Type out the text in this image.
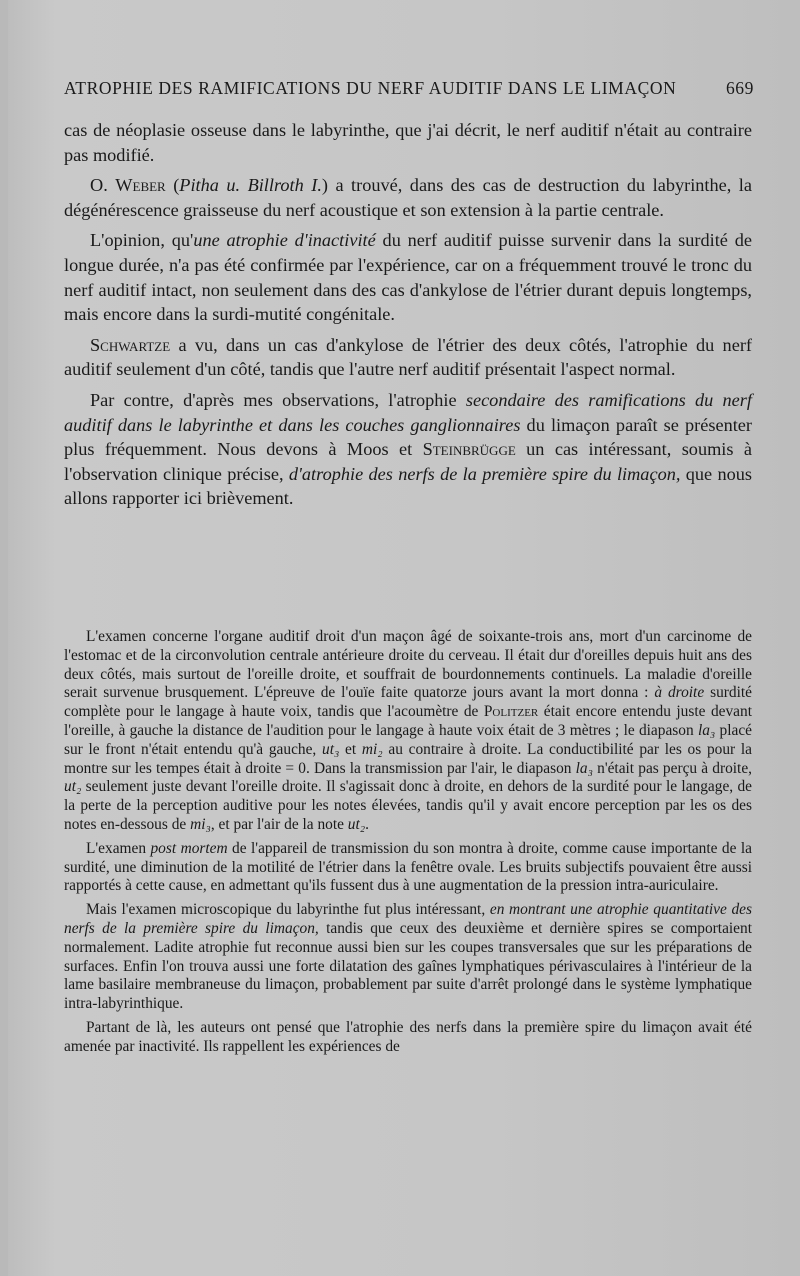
ATROPHIE DES RAMIFICATIONS DU NERF AUDITIF DANS LE LIMAÇON	669

cas de néoplasie osseuse dans le labyrinthe, que j'ai décrit, le nerf auditif n'était au contraire pas modifié.

O. Weber (Pitha u. Billroth I.) a trouvé, dans des cas de destruction du labyrinthe, la dégénérescence graisseuse du nerf acoustique et son extension à la partie centrale.

L'opinion, qu'une atrophie d'inactivité du nerf auditif puisse survenir dans la surdité de longue durée, n'a pas été confirmée par l'expérience, car on a fréquemment trouvé le tronc du nerf auditif intact, non seulement dans des cas d'ankylose de l'étrier durant depuis longtemps, mais encore dans la surdi-mutité congénitale.

Schwartze a vu, dans un cas d'ankylose de l'étrier des deux côtés, l'atrophie du nerf auditif seulement d'un côté, tandis que l'autre nerf auditif présentait l'aspect normal.

Par contre, d'après mes observations, l'atrophie secondaire des ramifications du nerf auditif dans le labyrinthe et dans les couches ganglionnaires du limaçon paraît se présenter plus fréquemment. Nous devons à Moos et Steinbrügge un cas intéressant, soumis à l'observation clinique précise, d'atrophie des nerfs de la première spire du limaçon, que nous allons rapporter ici brièvement.

L'examen concerne l'organe auditif droit d'un maçon âgé de soixante-trois ans, mort d'un carcinome de l'estomac et de la circonvolution centrale antérieure droite du cerveau. Il était dur d'oreilles depuis huit ans des deux côtés, mais surtout de l'oreille droite, et souffrait de bourdonnements continuels. La maladie d'oreille serait survenue brusquement. L'épreuve de l'ouïe faite quatorze jours avant la mort donna : à droite surdité complète pour le langage à haute voix, tandis que l'acoumètre de Politzer était encore entendu juste devant l'oreille, à gauche la distance de l'audition pour le langage à haute voix était de 3 mètres ; le diapason la₃ placé sur le front n'était entendu qu'à gauche, ut₃ et mi₂ au contraire à droite. La conductibilité par les os pour la montre sur les tempes était à droite = 0. Dans la transmission par l'air, le diapason la₃ n'était pas perçu à droite, ut₂ seulement juste devant l'oreille droite. Il s'agissait donc à droite, en dehors de la surdité pour le langage, de la perte de la perception auditive pour les notes élevées, tandis qu'il y avait encore perception par les os des notes en-dessous de mi₃, et par l'air de la note ut₂.

L'examen post mortem de l'appareil de transmission du son montra à droite, comme cause importante de la surdité, une diminution de la motilité de l'étrier dans la fenêtre ovale. Les bruits subjectifs pouvaient être aussi rapportés à cette cause, en admettant qu'ils fussent dus à une augmentation de la pression intra-auriculaire.

Mais l'examen microscopique du labyrinthe fut plus intéressant, en montrant une atrophie quantitative des nerfs de la première spire du limaçon, tandis que ceux des deuxième et dernière spires se comportaient normalement. Ladite atrophie fut reconnue aussi bien sur les coupes transversales que sur les préparations de surfaces. Enfin l'on trouva aussi une forte dilatation des gaînes lymphatiques périvasculaires à l'intérieur de la lame basilaire membraneuse du limaçon, probablement par suite d'arrêt prolongé dans le système lymphatique intra-labyrinthique.

Partant de là, les auteurs ont pensé que l'atrophie des nerfs dans la première spire du limaçon avait été amenée par inactivité. Ils rappellent les expériences de
